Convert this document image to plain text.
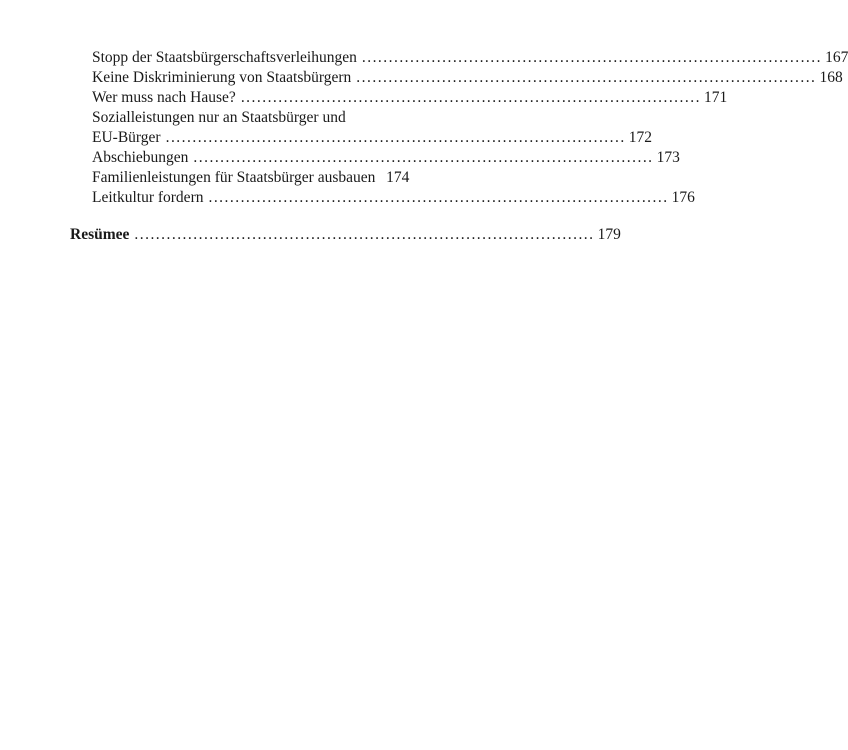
Stopp der Staatsbürgerschaftsverleihungen . . .	167
Keine Diskriminierung von Staatsbürgern . . .	168
Wer muss nach Hause? . . .	171
Sozialleistungen nur an Staatsbürger und
EU-Bürger . . .	172
Abschiebungen . . .	173
Familienleistungen für Staatsbürger ausbauen 174
Leitkultur fordern . . .	176
Resümee . . .	179
